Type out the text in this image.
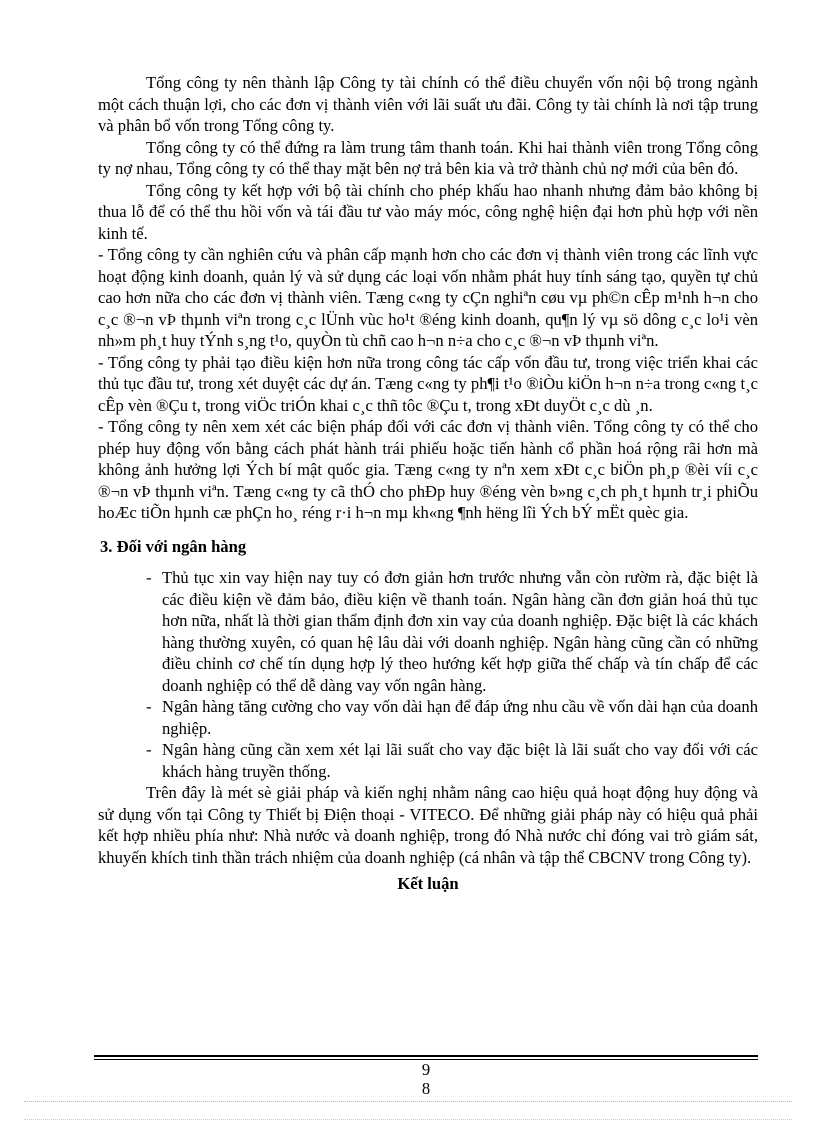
Tổng công ty nên thành lập Công ty tài chính có thể điều chuyển vốn nội bộ trong ngành một cách thuận lợi, cho các đơn vị thành viên với lãi suất ưu đãi. Công ty tài chính là nơi tập trung và phân bổ vốn trong Tổng công ty.

Tổng công ty có thể đứng ra làm trung tâm thanh toán. Khi hai thành viên trong Tổng công ty nợ nhau, Tổng công ty có thể thay mặt bên nợ trả bên kia và trở thành chủ nợ mới của bên đó.

Tổng công ty kết hợp với bộ tài chính cho phép khấu hao nhanh nhưng đảm bảo không bị thua lỗ để có thể thu hồi vốn và tái đầu tư vào máy móc, công nghệ hiện đại hơn phù hợp với nền kinh tế.

- Tổng công ty cần nghiên cứu và phân cấp mạnh hơn cho các đơn vị thành viên trong các lĩnh vực hoạt động kinh doanh, quản lý và sử dụng các loại vốn nhằm phát huy tính sáng tạo, quyền tự chủ cao hơn nữa cho các đơn vị thành viên. Tæng c«ng ty cÇn nghiªn cøu vµ ph©n cÊp m¹nh h¬n cho c¸c ®¬n vÞ thµnh viªn trong c¸c lÜnh vùc ho¹t ®éng kinh doanh, qu¶n lý vµ sö dông c¸c lo¹i vèn nh»m ph¸t huy tÝnh s¸ng t¹o, quyÒn tù chñ cao h¬n n÷a cho c¸c ®¬n vÞ thµnh viªn.

- Tổng công ty phải tạo điều kiện hơn nữa trong công tác cấp vốn đầu tư, trong việc triển khai các thủ tục đầu tư, trong xét duyệt các dự án. Tæng c«ng ty ph¶i t¹o ®iÒu kiÖn h¬n n÷a trong c«ng t¸c cÊp vèn ®Çu t, trong viÖc triÓn khai c¸c thñ tôc ®Çu t, trong xÐt duyÖt c¸c dù ¸n.

- Tổng công ty nên xem xét các biện pháp đối với các đơn vị thành viên. Tổng công ty có thể cho phép huy động vốn bằng cách phát hành trái phiếu hoặc tiến hành cổ phần hoá rộng rãi hơn mà không ảnh hưởng lợi Ých bí mật quốc gia. Tæng c«ng ty nªn xem xÐt c¸c biÖn ph¸p ®èi víi c¸c ®¬n vÞ thµnh viªn. Tæng c«ng ty cã thÓ cho phÐp huy ®éng vèn b»ng c¸ch ph¸t hµnh tr¸i phiÕu hoÆc tiÕn hµnh cæ phÇn ho¸ réng r·i h¬n mµ kh«ng ¶nh hëng lîi Ých bÝ mËt quèc gia.

3. Đối với ngân hàng
- Thủ tục xin vay hiện nay tuy có đơn giản hơn trước nhưng vẫn còn rườm rà, đặc biệt là các điều kiện về đảm bảo, điều kiện về thanh toán. Ngân hàng cần đơn giản hoá thủ tục hơn nữa, nhất là thời gian thẩm định đơn xin vay của doanh nghiệp. Đặc biệt là các khách hàng thường xuyên, có quan hệ lâu dài với doanh nghiệp. Ngân hàng cũng cần có những điều chỉnh cơ chế tín dụng hợp lý theo hướng kết hợp giữa thế chấp và tín chấp để các doanh nghiệp có thể dễ dàng vay vốn ngân hàng.
- Ngân hàng tăng cường cho vay vốn dài hạn để đáp ứng nhu cầu về vốn dài hạn của doanh nghiệp.
- Ngân hàng cũng cần xem xét lại lãi suất cho vay đặc biệt là lãi suất cho vay đối với các khách hàng truyền thống.

Trên đây là mét sè giải pháp và kiến nghị nhằm nâng cao hiệu quả hoạt động huy động và sử dụng vốn tại Công ty Thiết bị Điện thoại - VITECO. Để những giải pháp này có hiệu quả phải kết hợp nhiều phía như: Nhà nước và doanh nghiệp, trong đó Nhà nước chỉ đóng vai trò giám sát, khuyến khích tinh thần trách nhiệm của doanh nghiệp (cá nhân và tập thể CBCNV trong Công ty).

Kết luận
9
8
